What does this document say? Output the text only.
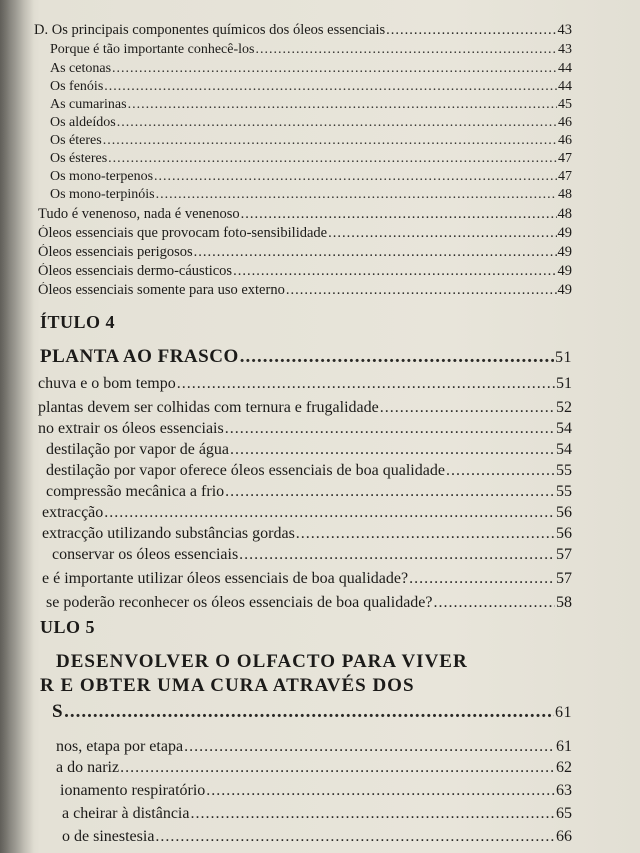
D. Os principais componentes químicos dos óleos essenciais .....	43
Porque é tão importante conhecê-los .....	43
As cetonas .....	44
Os fenóis .....	44
As cumarinas .....	45
Os aldeídos .....	46
Os éteres .....	46
Os ésteres .....	47
Os mono-terpenos .....	47
Os mono-terpinóis .....	48
Tudo é venenoso, nada é venenoso .....	48
Óleos essenciais que provocam foto-sensibilidade .....	49
Óleos essenciais perigosos .....	49
Óleos essenciais dermo-cáusticos .....	49
Óleos essenciais somente para uso externo .....	49
ÍTULO 4
PLANTA AO FRASCO .....	51
chuva e o bom tempo .....	51
plantas devem ser colhidas com ternura e frugalidade .....	52
no extrair os óleos essenciais .....	54
destilação por vapor de água .....	54
destilação por vapor oferece óleos essenciais de boa qualidade .....	55
compressão mecânica a frio .....	55
extracção .....	56
extracção utilizando substâncias gordas .....	56
conservar os óleos essenciais .....	57
e é importante utilizar óleos essenciais de boa qualidade? .....	57
se poderão reconhecer os óleos essenciais de boa qualidade? .....	58
ULO 5
DESENVOLVER O OLFACTO PARA VIVER
R E OBTER UMA CURA ATRAVÉS DOS
S .....	61
nos, etapa por etapa .....	61
a do nariz .....	62
ionamento respiratório .....	63
a cheirar à distância .....	65
o de sinestesia .....	66
